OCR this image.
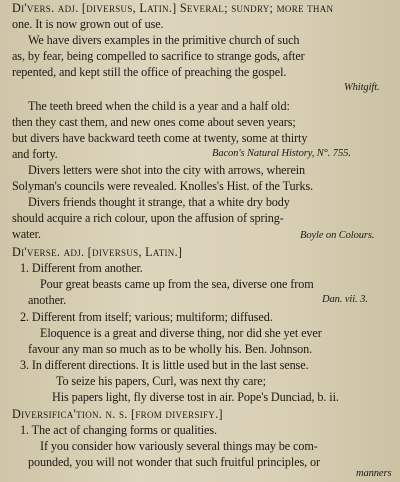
Di'vers. adj. [diversus, Latin.] Several; sundry; more than
one. It is now grown out of use.
We have divers examples in the primitive church of such
as, by fear, being compelled to sacrifice to strange gods, after
repented, and kept still the office of preaching the gospel.
Whitgift.
The teeth breed when the child is a year and a half old:
then they cast them, and new ones come about seven years;
but divers have backward teeth come at twenty, some at thirty
and forty.	Bacon's Natural History, N°. 755.
Divers letters were shot into the city with arrows, wherein
Solyman's councils were revealed. Knolles's Hist. of the Turks.
Divers friends thought it strange, that a white dry body
should acquire a rich colour, upon the affusion of spring-
water.	Boyle on Colours.
Di'verse. adj. [diversus, Latin.]
1. Different from another.
Pour great beasts came up from the sea, diverse one from
another.	Dan. vii. 3.
2. Different from itself; various; multiform; diffused.
Eloquence is a great and diverse thing, nor did she yet ever
favour any man so much as to be wholly his. Ben. Johnson.
3. In different directions. It is little used but in the last sense.
To seize his papers, Curl, was next thy care;
His papers light, fly diverse tost in air. Pope's Dunciad, b. ii.
Diversifica'tion. n. s. [from diversify.]
1. The act of changing forms or qualities.
If you consider how variously several things may be com-
pounded, you will not wonder that such fruitful principles, or
manners
